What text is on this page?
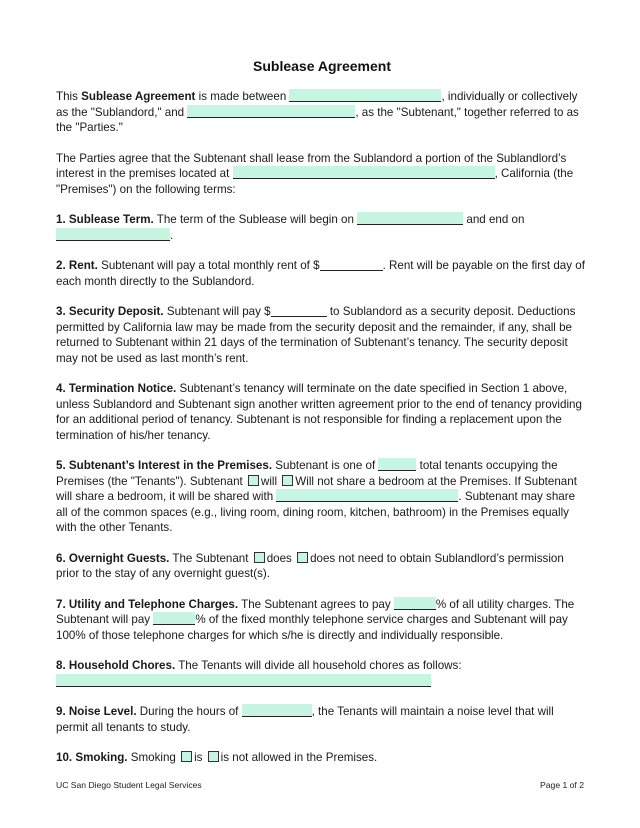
Sublease Agreement

This Sublease Agreement is made between	, individually or collectively as the "Sublandord," and	, as the "Subtenant," together referred to as the "Parties."

The Parties agree that the Subtenant shall lease from the Sublandord a portion of the Sublandlord’s interest in the premises located at	, California (the "Premises") on the following terms:

1. Sublease Term. The term of the Sublease will begin on	and end on .

2. Rent. Subtenant will pay a total monthly rent of $	. Rent will be payable on the first day of each month directly to the Sublandord.

3. Security Deposit. Subtenant will pay $	to Sublandord as a security deposit. Deductions permitted by California law may be made from the security deposit and the remainder, if any, shall be returned to Subtenant within 21 days of the termination of Subtenant’s tenancy. The security deposit may not be used as last month’s rent.

4. Termination Notice. Subtenant’s tenancy will terminate on the date specified in Section 1 above, unless Sublandord and Subtenant sign another written agreement prior to the end of tenancy providing for an additional period of tenancy. Subtenant is not responsible for finding a replacement upon the termination of his/her tenancy.

5. Subtenant’s Interest in the Premises. Subtenant is one of	total tenants occupying the Premises (the "Tenants"). Subtenant will Will not share a bedroom at the Premises. If Subtenant will share a bedroom, it will be shared with	. Subtenant may share all of the common spaces (e.g., living room, dining room, kitchen, bathroom) in the Premises equally with the other Tenants.

6. Overnight Guests. The Subtenant does does not need to obtain Sublandlord’s permission prior to the stay of any overnight guest(s).

7. Utility and Telephone Charges. The Subtenant agrees to pay	% of all utility charges. The Subtenant will pay	% of the fixed monthly telephone service charges and Subtenant will pay 100% of those telephone charges for which s/he is directly and individually responsible.

8. Household Chores. The Tenants will divide all household chores as follows:

9. Noise Level. During the hours of	, the Tenants will maintain a noise level that will permit all tenants to study.

10. Smoking. Smoking is is not allowed in the Premises.

UC San Diego Student Legal Services	Page 1 of 2
